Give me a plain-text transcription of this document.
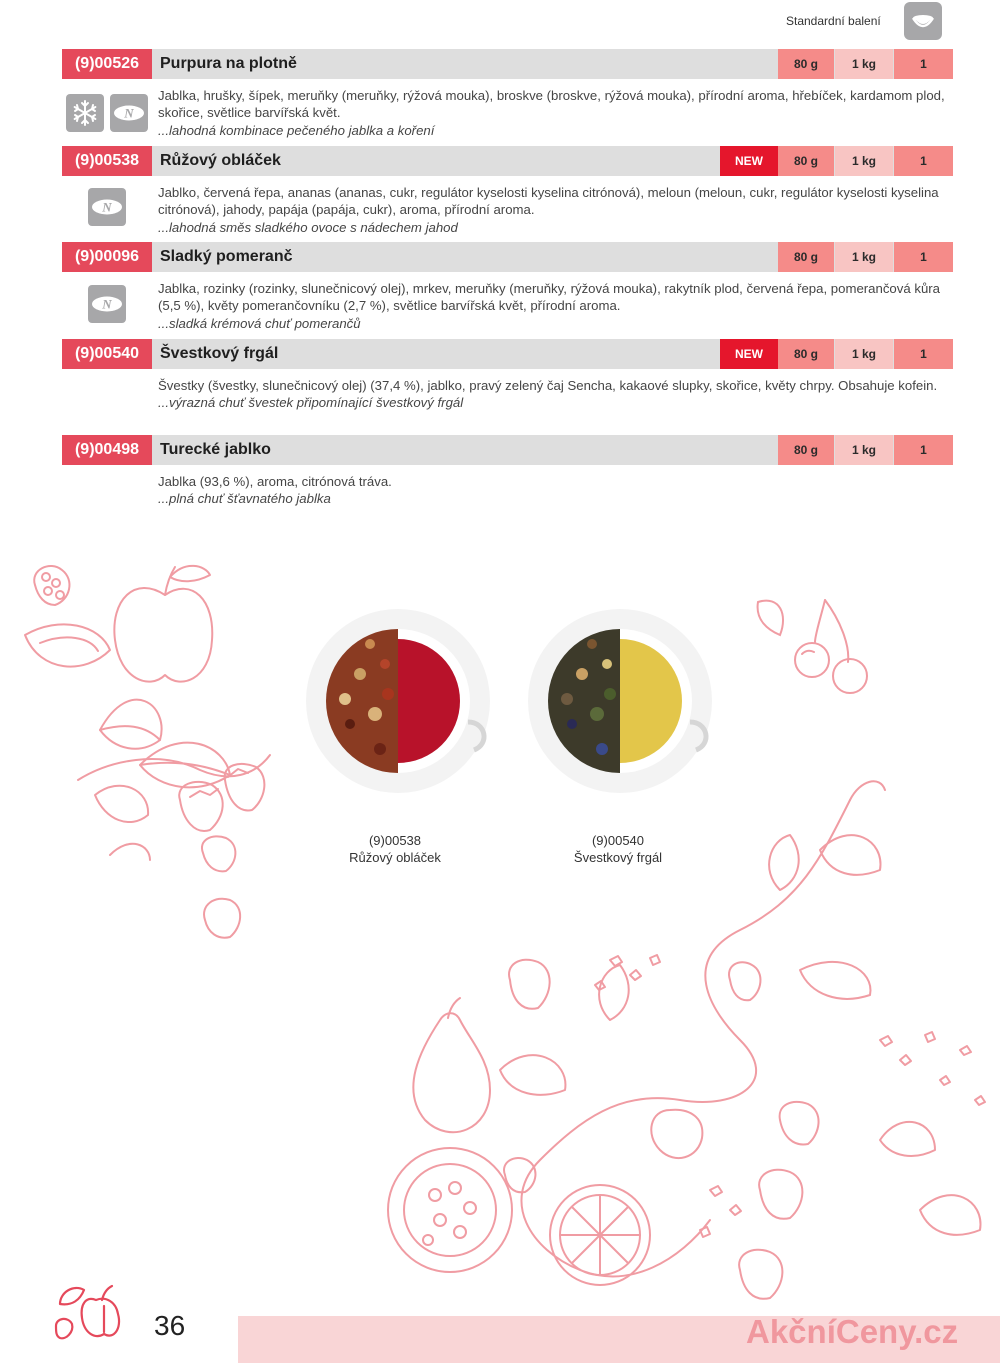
Standardní balení
(9)00526	Purpura na plotně	80 g	1 kg	1
N
Jablka, hrušky, šípek, meruňky (meruňky, rýžová mouka), broskve (broskve, rýžová mouka), přírodní aroma, hřebíček, kardamom plod, skořice, světlice barvířská květ.
...lahodná kombinace pečeného jablka a koření
(9)00538	Růžový obláček	NEW	80 g	1 kg	1
N
Jablko, červená řepa, ananas (ananas, cukr, regulátor kyselosti kyselina citrónová), meloun (meloun, cukr, regulátor kyselosti kyselina citrónová), jahody, papája (papája, cukr), aroma, přírodní aroma.
...lahodná směs sladkého ovoce s nádechem jahod
(9)00096	Sladký pomeranč	80 g	1 kg	1
N
Jablka, rozinky (rozinky, slunečnicový olej), mrkev, meruňky (meruňky, rýžová mouka), rakytník plod, červená řepa, pomerančová kůra (5,5 %), květy pomerančovníku (2,7 %), světlice barvířská květ, přírodní aroma.
...sladká krémová chuť pomerančů
(9)00540	Švestkový frgál	NEW	80 g	1 kg	1
Švestky (švestky, slunečnicový olej) (37,4 %), jablko, pravý zelený čaj Sencha, kakaové slupky, skořice, květy chrpy. Obsahuje kofein.
...výrazná chuť švestek připomínající švestkový frgál
(9)00498	Turecké jablko	80 g	1 kg	1
Jablka (93,6 %), aroma, citrónová tráva.
...plná chuť šťavnatého jablka
(9)00538
Růžový obláček
(9)00540
Švestkový frgál
36	AkčníCeny.cz
